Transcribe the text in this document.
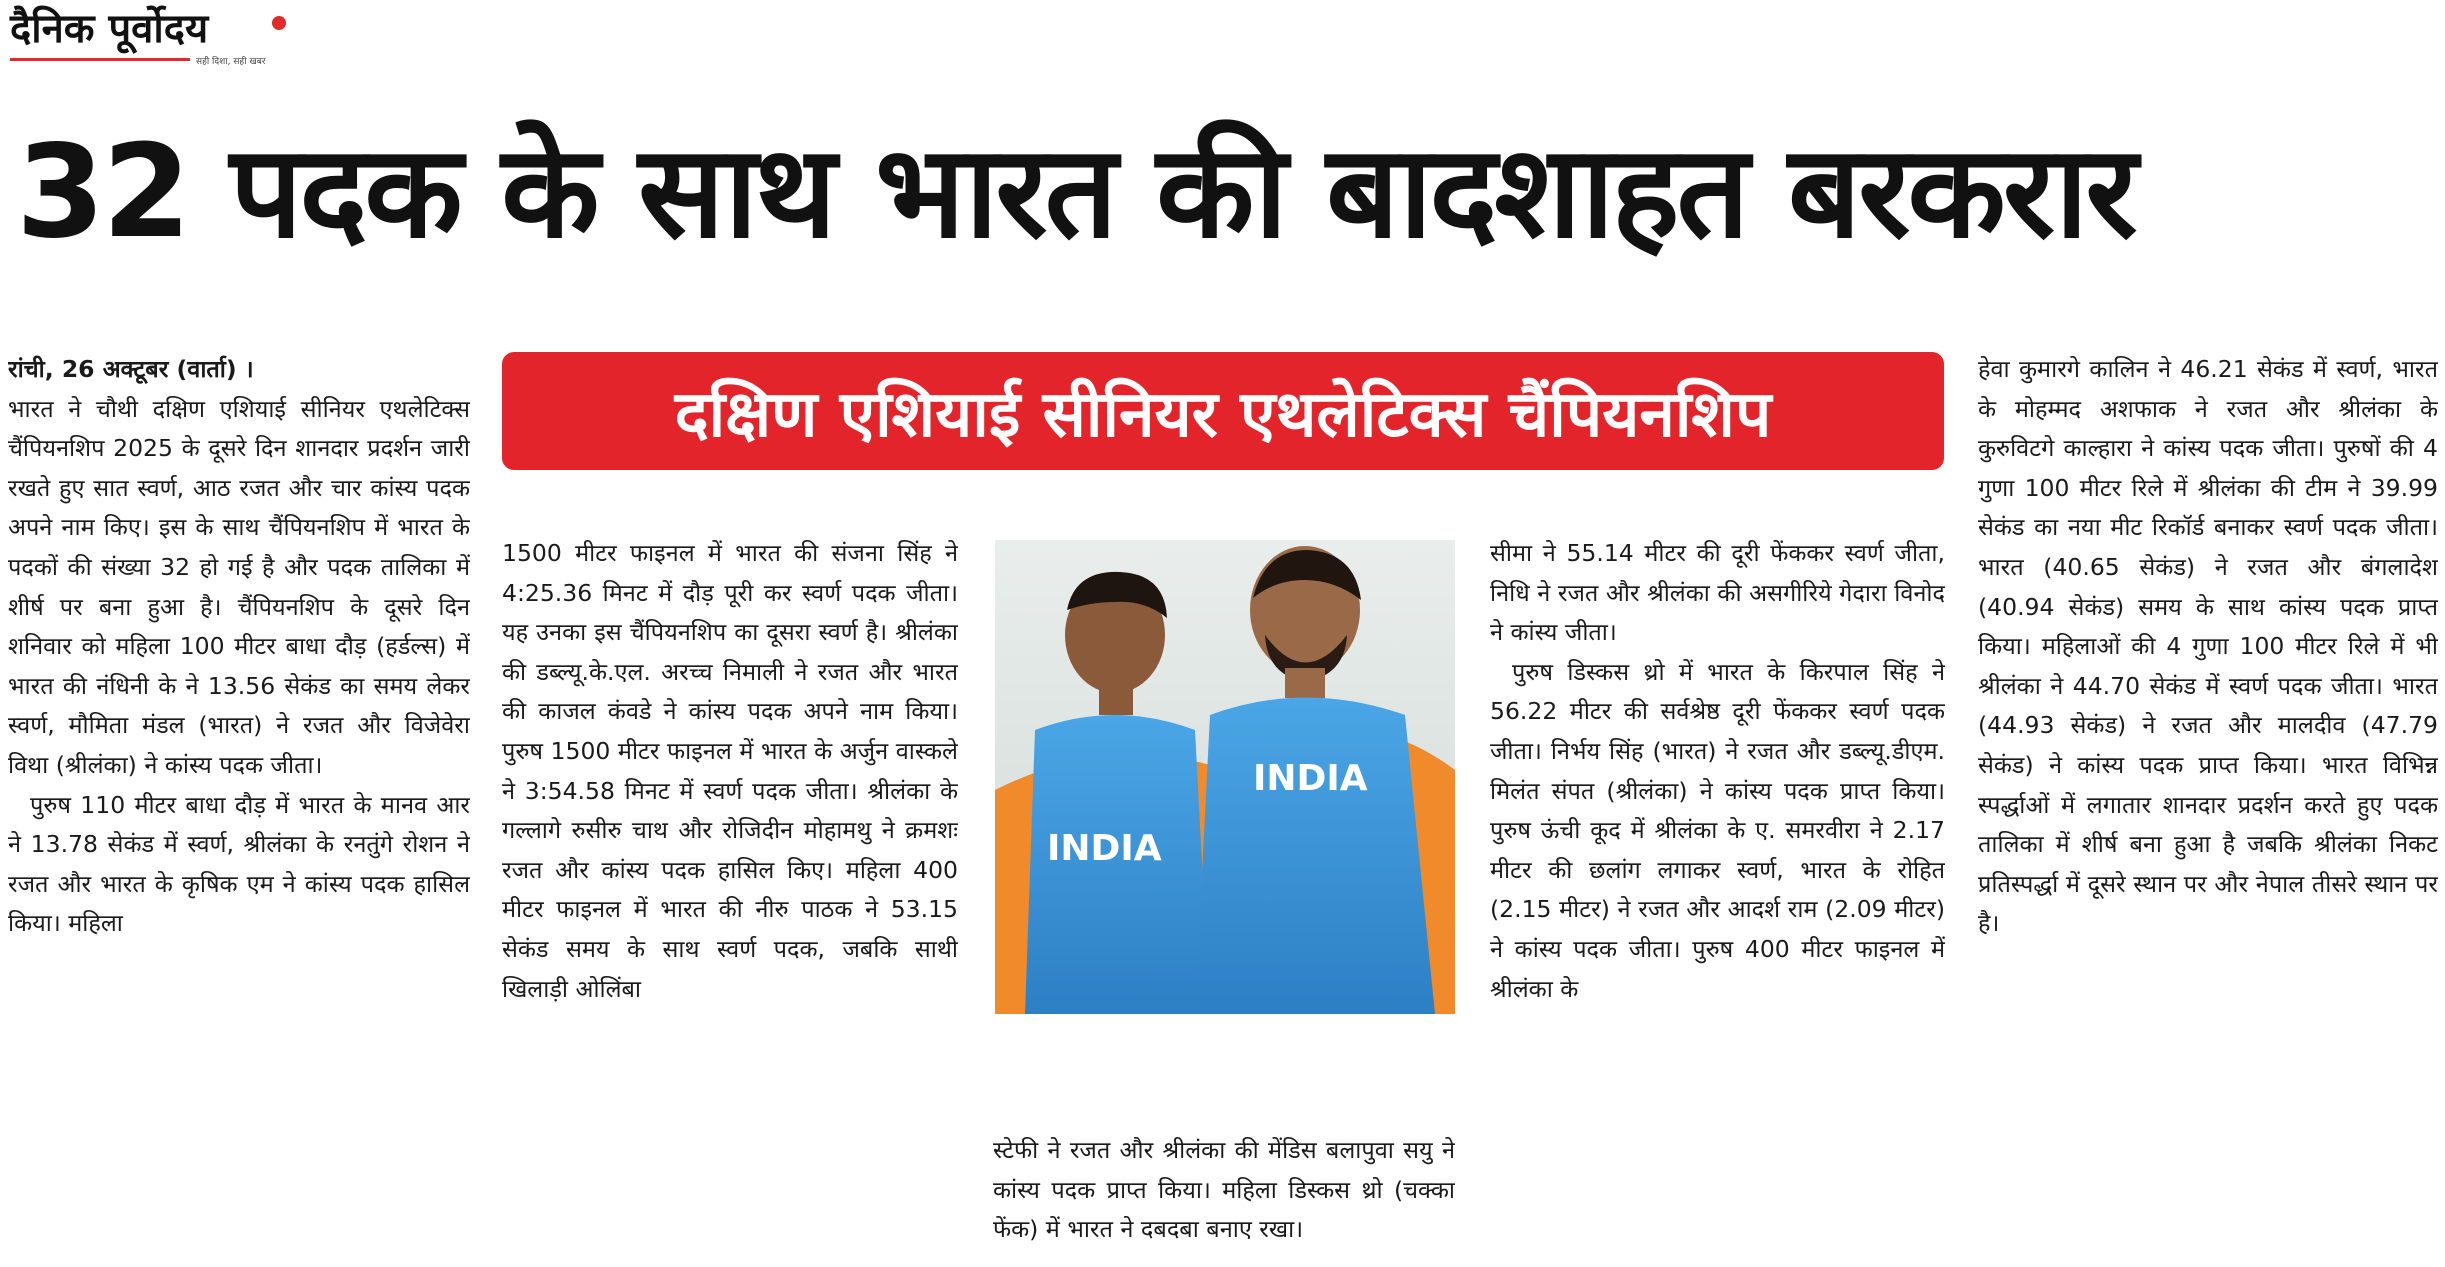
दैनिक पूर्वोदय
सही दिशा, सही खबर
32 पदक के साथ भारत की बादशाहत बरकरार
दक्षिण एशियाई सीनियर एथलेटिक्स चैंपियनशिप

रांची, 26 अक्टूबर (वार्ता) ।

भारत ने चौथी दक्षिण एशियाई सीनियर एथलेटिक्स चैंपियनशिप 2025 के दूसरे दिन शानदार प्रदर्शन जारी रखते हुए सात स्वर्ण, आठ रजत और चार कांस्य पदक अपने नाम किए। इस के साथ चैंपियनशिप में भारत के पदकों की संख्या 32 हो गई है और पदक तालिका में शीर्ष पर बना हुआ है। चैंपियनशिप के दूसरे दिन शनिवार को महिला 100 मीटर बाधा दौड़ (हर्डल्स) में भारत की नंधिनी के ने 13.56 सेकंड का समय लेकर स्वर्ण, मौमिता मंडल (भारत) ने रजत और विजेवेरा विथा (श्रीलंका) ने कांस्य पदक जीता।

पुरुष 110 मीटर बाधा दौड़ में भारत के मानव आर ने 13.78 सेकंड में स्वर्ण, श्रीलंका के रनतुंगे रोशन ने रजत और भारत के कृषिक एम ने कांस्य पदक हासिल किया। महिला

1500 मीटर फाइनल में भारत की संजना सिंह ने 4:25.36 मिनट में दौड़ पूरी कर स्वर्ण पदक जीता। यह उनका इस चैंपियनशिप का दूसरा स्वर्ण है। श्रीलंका की डब्ल्यू.के.एल. अरच्च निमाली ने रजत और भारत की काजल कंवडे ने कांस्य पदक अपने नाम किया। पुरुष 1500 मीटर फाइनल में भारत के अर्जुन वास्कले ने 3:54.58 मिनट में स्वर्ण पदक जीता। श्रीलंका के गल्लागे रुसीरु चाथ और रोजिदीन मोहामथु ने क्रमशः रजत और कांस्य पदक हासिल किए। महिला 400 मीटर फाइनल में भारत की नीरु पाठक ने 53.15 सेकंड समय के साथ स्वर्ण पदक, जबकि साथी खिलाड़ी ओलिंबा

INDIA
INDIA

स्टेफी ने रजत और श्रीलंका की मेंडिस बलापुवा सयु ने कांस्य पदक प्राप्त किया। महिला डिस्कस थ्रो (चक्का फेंक) में भारत ने दबदबा बनाए रखा।

सीमा ने 55.14 मीटर की दूरी फेंककर स्वर्ण जीता, निधि ने रजत और श्रीलंका की असगीरिये गेदारा विनोद ने कांस्य जीता।

पुरुष डिस्कस थ्रो में भारत के किरपाल सिंह ने 56.22 मीटर की सर्वश्रेष्ठ दूरी फेंककर स्वर्ण पदक जीता। निर्भय सिंह (भारत) ने रजत और डब्ल्यू.डीएम. मिलंत संपत (श्रीलंका) ने कांस्य पदक प्राप्त किया। पुरुष ऊंची कूद में श्रीलंका के ए. समरवीरा ने 2.17 मीटर की छलांग लगाकर स्वर्ण, भारत के रोहित (2.15 मीटर) ने रजत और आदर्श राम (2.09 मीटर) ने कांस्य पदक जीता। पुरुष 400 मीटर फाइनल में श्रीलंका के

हेवा कुमारगे कालिन ने 46.21 सेकंड में स्वर्ण, भारत के मोहम्मद अशफाक ने रजत और श्रीलंका के कुरुविटगे काल्हारा ने कांस्य पदक जीता। पुरुषों की 4 गुणा 100 मीटर रिले में श्रीलंका की टीम ने 39.99 सेकंड का नया मीट रिकॉर्ड बनाकर स्वर्ण पदक जीता। भारत (40.65 सेकंड) ने रजत और बंगलादेश (40.94 सेकंड) समय के साथ कांस्य पदक प्राप्त किया। महिलाओं की 4 गुणा 100 मीटर रिले में भी श्रीलंका ने 44.70 सेकंड में स्वर्ण पदक जीता। भारत (44.93 सेकंड) ने रजत और मालदीव (47.79 सेकंड) ने कांस्य पदक प्राप्त किया। भारत विभिन्न स्पर्द्धाओं में लगातार शानदार प्रदर्शन करते हुए पदक तालिका में शीर्ष बना हुआ है जबकि श्रीलंका निकट प्रतिस्पर्द्धा में दूसरे स्थान पर और नेपाल तीसरे स्थान पर है।
